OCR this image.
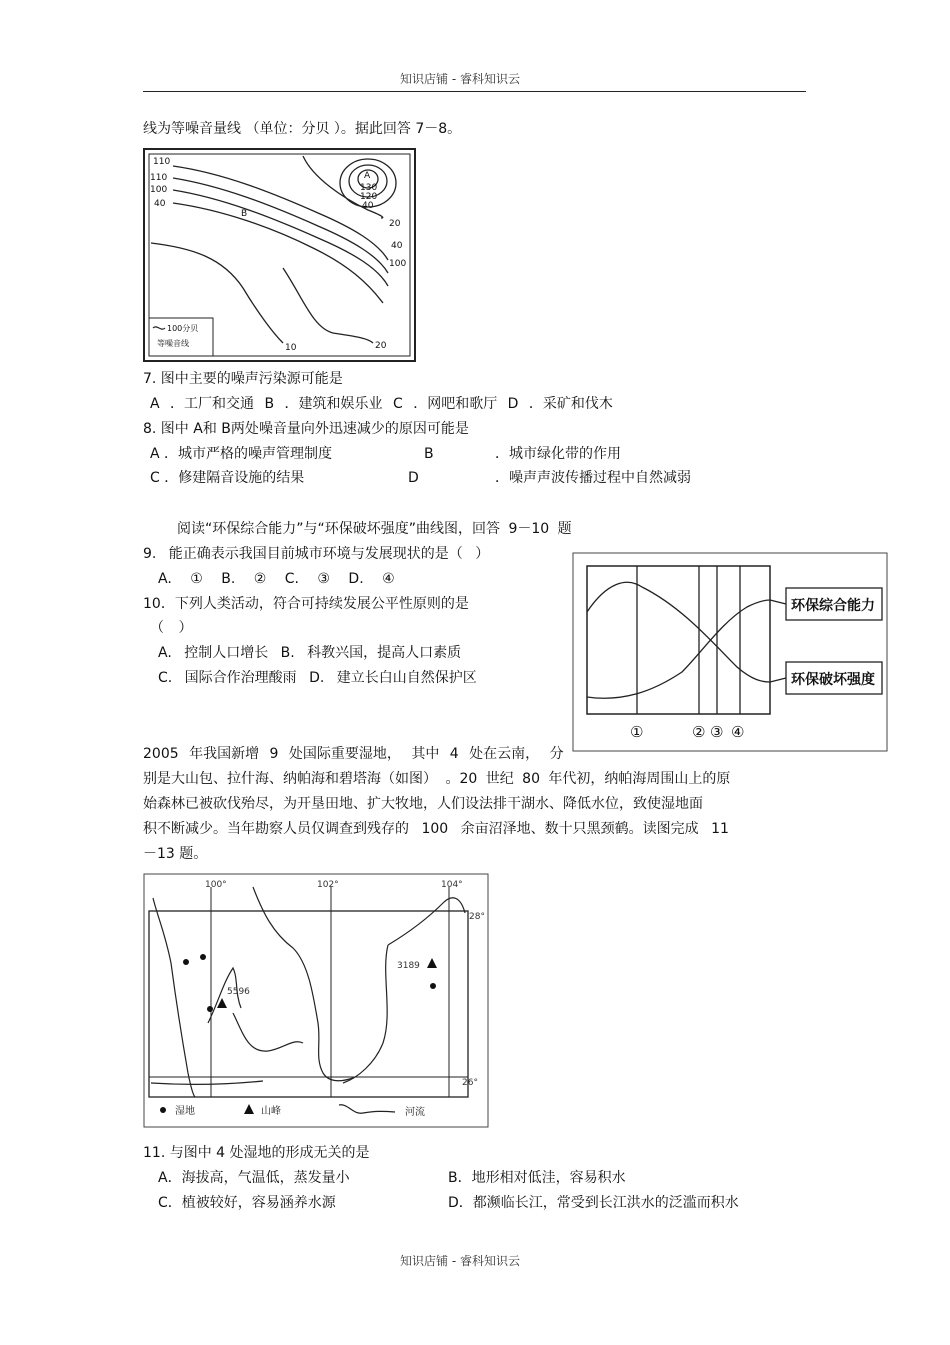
知识店铺 - 睿科知识云
线为等噪音量线 （单位：分贝 ）。据此回答 7－8。
110
110
100
40
20
40
100
10	20
A
130
120
40
B
100分贝
等噪音线
7. 图中主要的噪声污染源可能是
A ．工厂和交通 B ．建筑和娱乐业 C ．网吧和歌厅 D ．采矿和伐木
8. 图中 A和 B两处噪音量向外迅速减少的原因可能是
A ．城市严格的噪声管理制度	B	．城市绿化带的作用
C ．修建隔音设施的结果	D	．噪声声波传播过程中自然减弱
阅读“环保综合能力”与“环保破坏强度”曲线图，回答 9－10 题
9. 能正确表示我国目前城市环境与发展现状的是（ ）
A. ① B. ② C. ③ D. ④
10．下列人类活动，符合可持续发展公平性原则的是
（ ）
A. 控制人口增长 B. 科教兴国，提高人口素质
C. 国际合作治理酸雨 D. 建立长白山自然保护区
环保综合能力
环保破坏强度
①	② ③ ④
2005 年我国新增 9 处国际重要湿地， 其中 4 处在云南， 分
别是大山包、拉什海、纳帕海和碧塔海（如图） 。20 世纪 80 年代初，纳帕海周围山上的原
始森林已被砍伐殆尽，为开垦田地、扩大牧地，人们设法排干湖水、降低水位，致使湿地面
积不断减少。当年勘察人员仅调查到残存的 100 余亩沼泽地、数十只黑颈鹤。读图完成 11
－13 题。
100°	102°	104°
28°
26°
5596
3189
湿地	山峰	河流
11. 与图中 4 处湿地的形成无关的是
A．海拔高，气温低，蒸发量小	B．地形相对低洼，容易积水
C．植被较好，容易涵养水源	D．都濒临长江，常受到长江洪水的泛滥而积水
知识店铺 - 睿科知识云
